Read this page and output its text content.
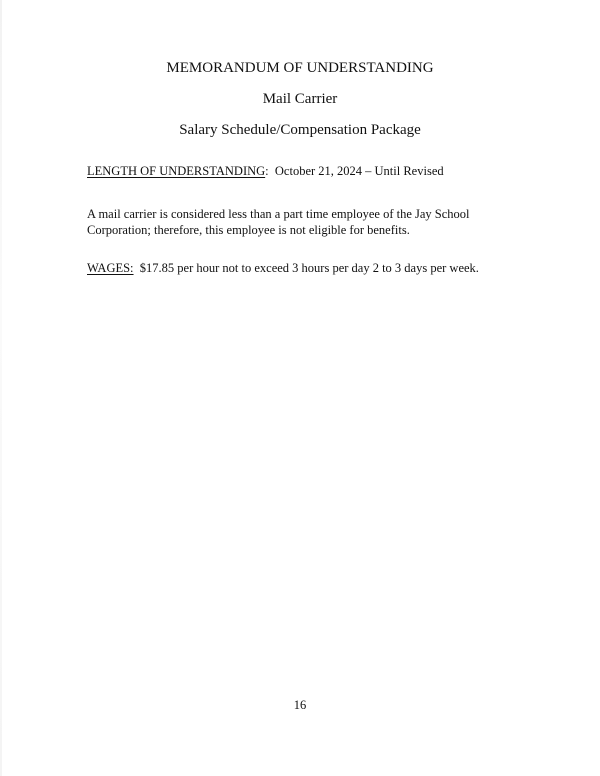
MEMORANDUM OF UNDERSTANDING
Mail Carrier
Salary Schedule/Compensation Package
LENGTH OF UNDERSTANDING: October 21, 2024 – Until Revised
A mail carrier is considered less than a part time employee of the Jay School Corporation; therefore, this employee is not eligible for benefits.
WAGES: $17.85 per hour not to exceed 3 hours per day 2 to 3 days per week.
16
